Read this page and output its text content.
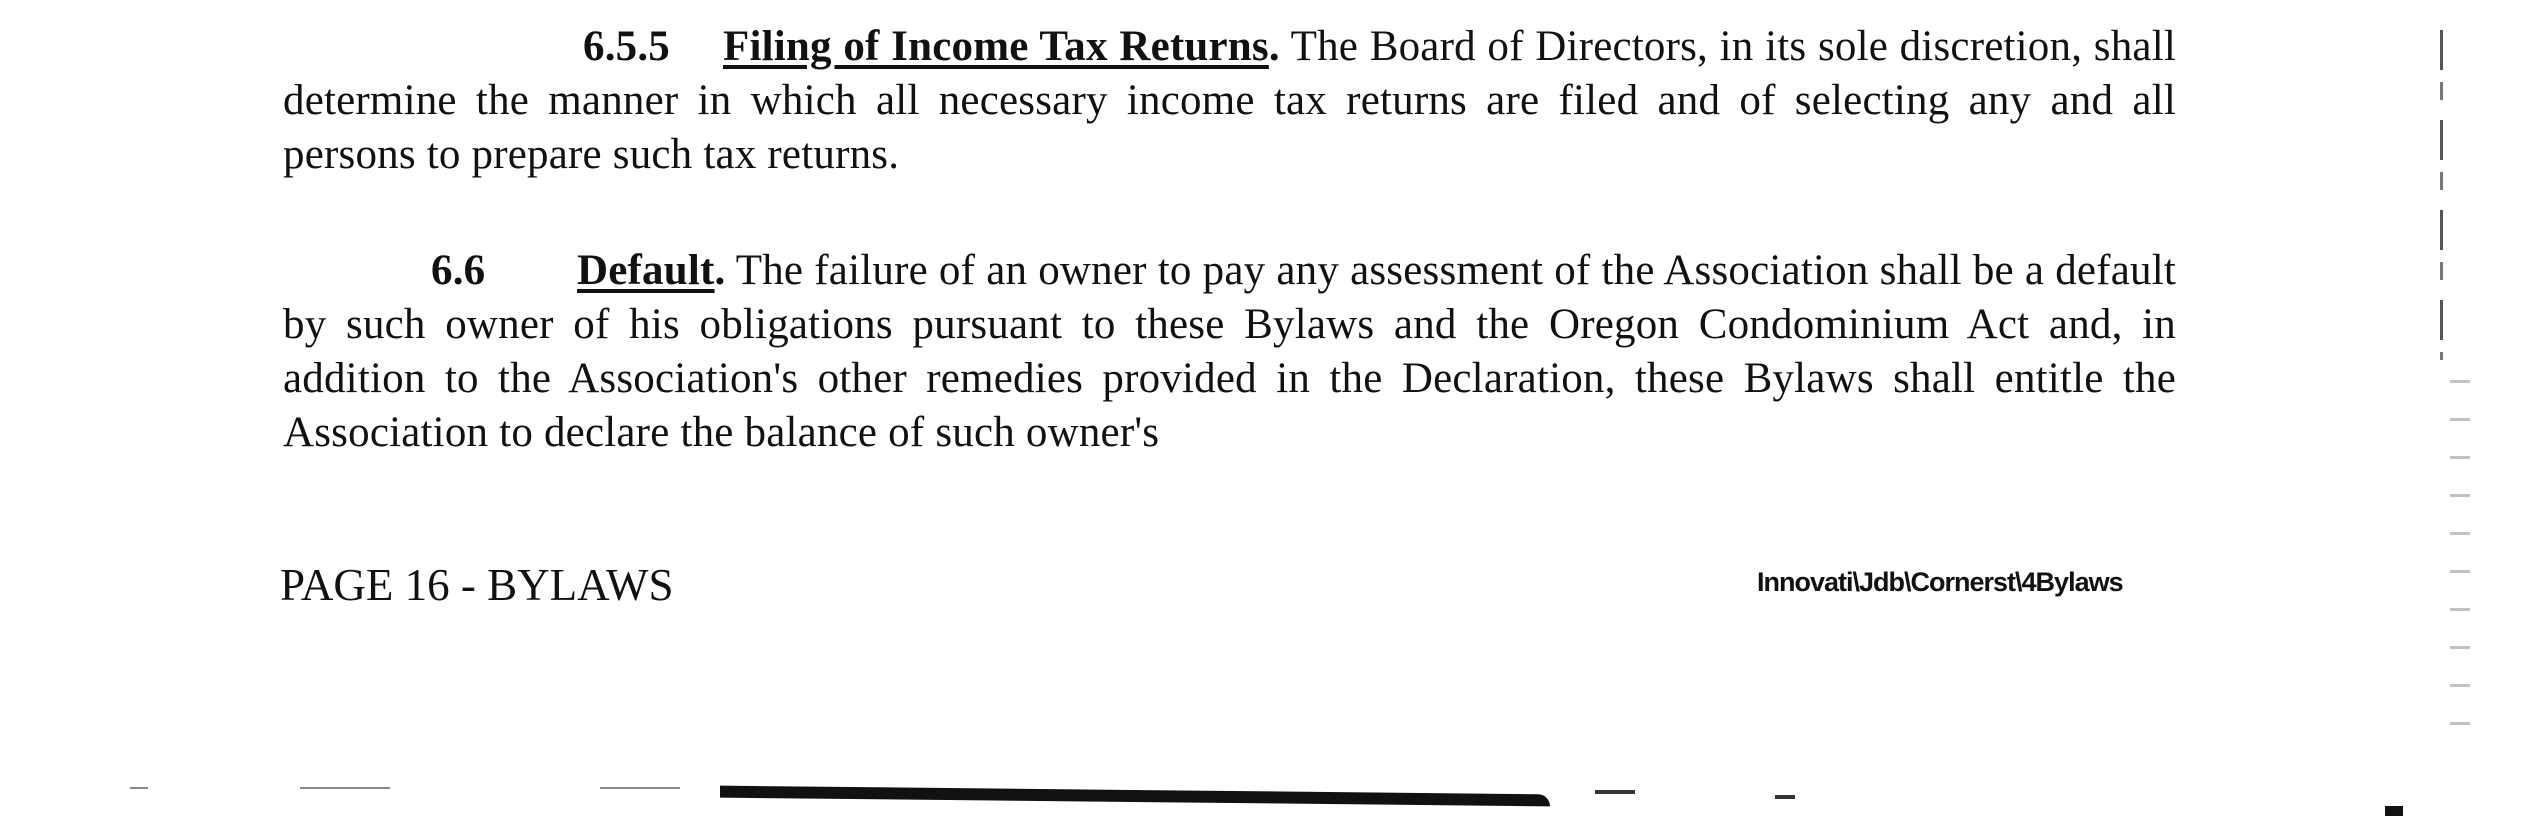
6.5.5 Filing of Income Tax Returns. The Board of Directors, in its sole discretion, shall determine the manner in which all necessary income tax returns are filed and of selecting any and all persons to prepare such tax returns.

6.6 Default. The failure of an owner to pay any assessment of the Association shall be a default by such owner of his obligations pursuant to these Bylaws and the Oregon Condominium Act and, in addition to the Association's other remedies provided in the Declaration, these Bylaws shall entitle the Association to declare the balance of such owner's

PAGE 16 - BYLAWS	Innovati\Jdb\Cornerst\4Bylaws
